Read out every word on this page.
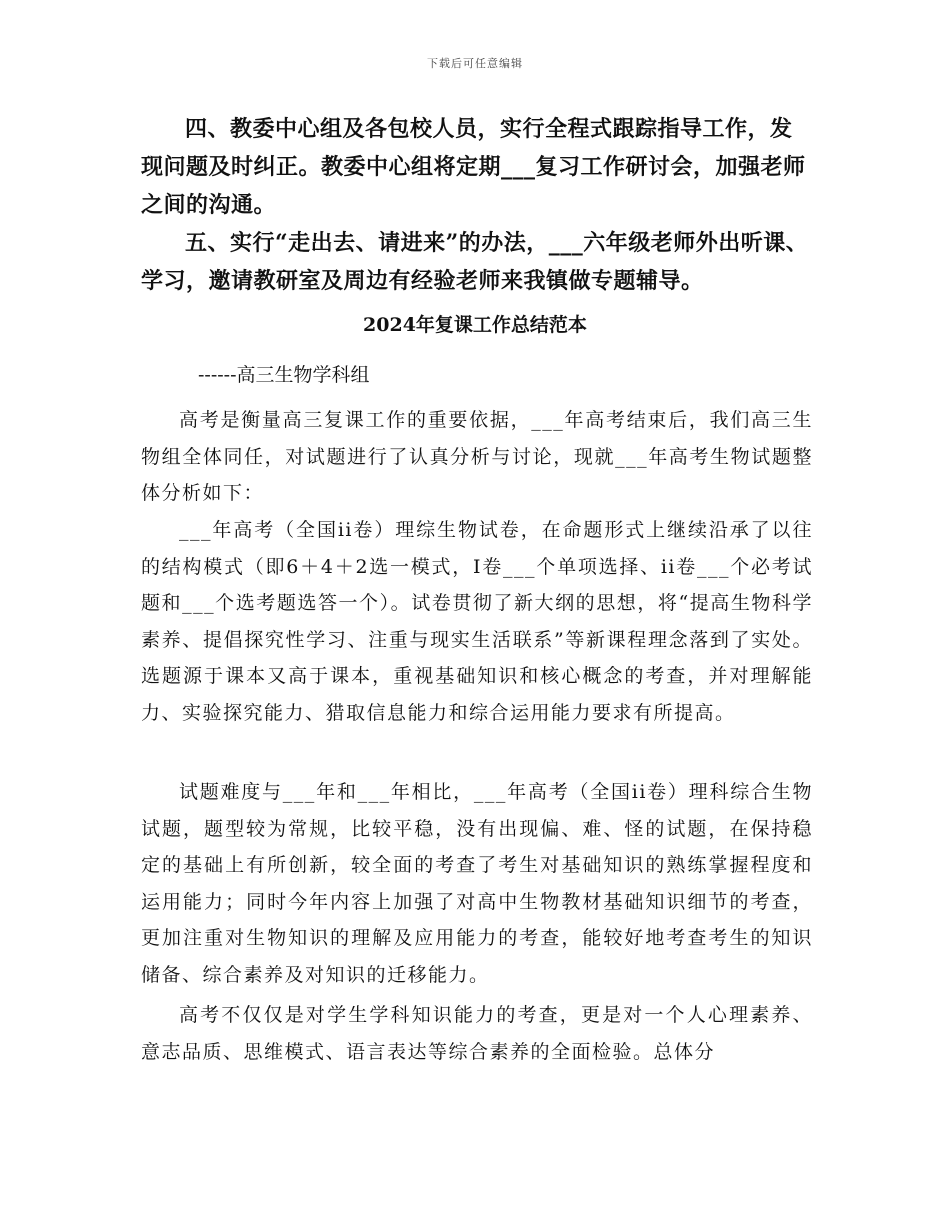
下载后可任意编辑

四、教委中心组及各包校人员，实行全程式跟踪指导工作，发现问题及时纠正。教委中心组将定期___复习工作研讨会，加强老师之间的沟通。

五、实行“走出去、请进来”的办法，___六年级老师外出听课、学习，邀请教研室及周边有经验老师来我镇做专题辅导。

2024年复课工作总结范本

------高三生物学科组

高考是衡量高三复课工作的重要依据，___年高考结束后，我们高三生物组全体同任，对试题进行了认真分析与讨论，现就___年高考生物试题整体分析如下：

___年高考（全国ii卷）理综生物试卷，在命题形式上继续沿承了以往的结构模式（即6＋4＋2选一模式，Ⅰ卷___个单项选择、ii卷___个必考试题和___个选考题选答一个）。试卷贯彻了新大纲的思想，将“提高生物科学素养、提倡探究性学习、注重与现实生活联系”等新课程理念落到了实处。选题源于课本又高于课本，重视基础知识和核心概念的考查，并对理解能力、实验探究能力、猎取信息能力和综合运用能力要求有所提高。

试题难度与___年和___年相比，___年高考（全国ii卷）理科综合生物试题，题型较为常规，比较平稳，没有出现偏、难、怪的试题，在保持稳定的基础上有所创新，较全面的考查了考生对基础知识的熟练掌握程度和运用能力；同时今年内容上加强了对高中生物教材基础知识细节的考查，更加注重对生物知识的理解及应用能力的考查，能较好地考查考生的知识储备、综合素养及对知识的迁移能力。

高考不仅仅是对学生学科知识能力的考查，更是对一个人心理素养、意志品质、思维模式、语言表达等综合素养的全面检验。总体分
